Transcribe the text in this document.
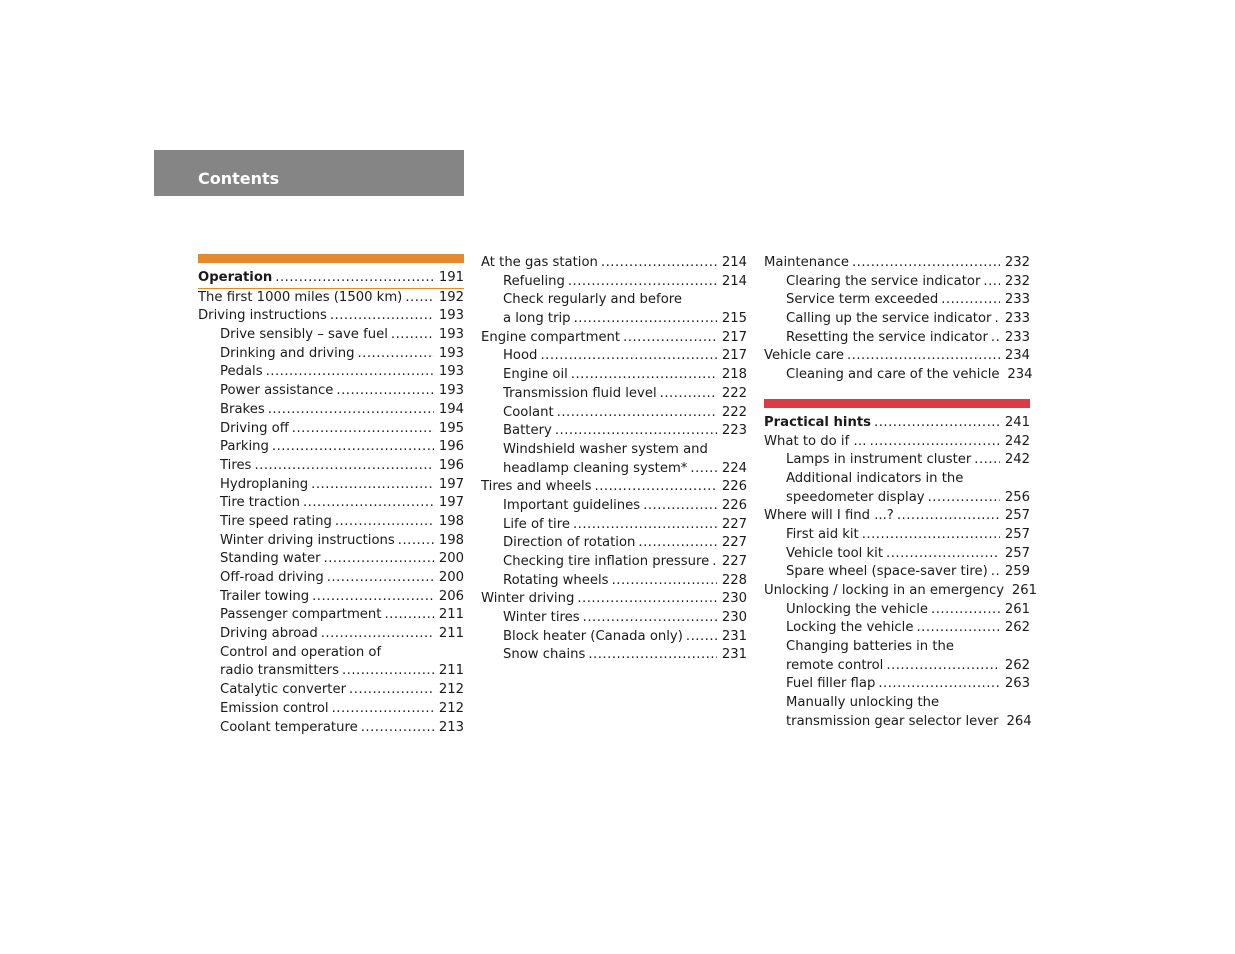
Contents
Operation .....	191
The first 1000 miles (1500 km) .....	192
Driving instructions .....	193
Drive sensibly – save fuel .....	193
Drinking and driving .....	193
Pedals .....	193
Power assistance .....	193
Brakes .....	194
Driving off .....	195
Parking .....	196
Tires .....	196
Hydroplaning .....	197
Tire traction .....	197
Tire speed rating .....	198
Winter driving instructions .....	198
Standing water .....	200
Off-road driving .....	200
Trailer towing .....	206
Passenger compartment .....	211
Driving abroad .....	211
Control and operation of
radio transmitters .....	211
Catalytic converter .....	212
Emission control .....	212
Coolant temperature .....	213
At the gas station .....	214
Refueling .....	214
Check regularly and before
a long trip .....	215
Engine compartment .....	217
Hood .....	217
Engine oil .....	218
Transmission fluid level .....	222
Coolant .....	222
Battery .....	223
Windshield washer system and
headlamp cleaning system* .....	224
Tires and wheels .....	226
Important guidelines .....	226
Life of tire .....	227
Direction of rotation .....	227
Checking tire inflation pressure ..... 227
Rotating wheels .....	228
Winter driving .....	230
Winter tires .....	230
Block heater (Canada only) .....	231
Snow chains .....	231
Maintenance .....	232
Clearing the service indicator ..... 232
Service term exceeded .....	233
Calling up the service indicator ..... 233
Resetting the service indicator ..... 233
Vehicle care .....	234
Cleaning and care of the vehicle 234
Practical hints .....	241
What to do if … .....	242
Lamps in instrument cluster .....	242
Additional indicators in the
speedometer display .....	256
Where will I find ...? .....	257
First aid kit .....	257
Vehicle tool kit .....	257
Spare wheel (space-saver tire) ..... 259
Unlocking / locking in an emergency 261
Unlocking the vehicle .....	261
Locking the vehicle .....	262
Changing batteries in the
remote control .....	262
Fuel filler flap .....	263
Manually unlocking the
transmission gear selector lever 264
